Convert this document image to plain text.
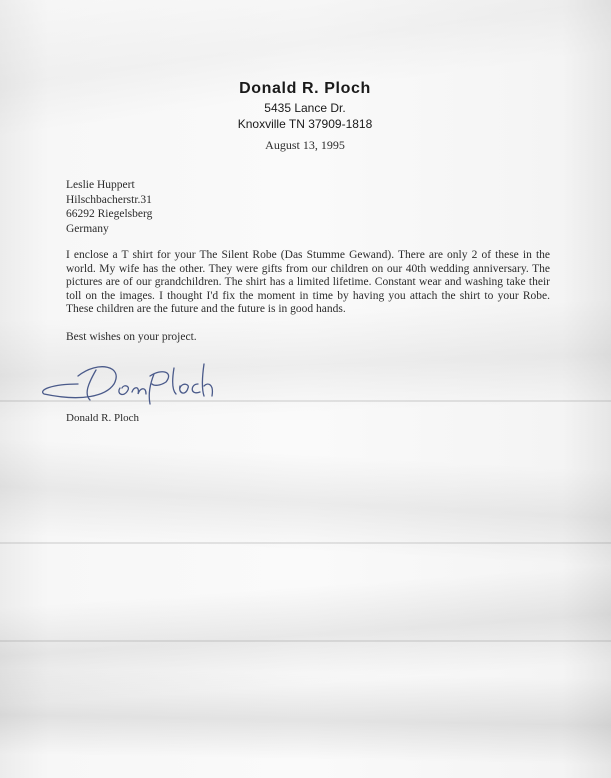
Donald R. Ploch
5435 Lance Dr.
Knoxville TN 37909-1818
August 13, 1995
Leslie Huppert
Hilschbacherstr.31
66292 Riegelsberg
Germany
I enclose a T shirt for your The Silent Robe (Das Stumme Gewand). There are only 2 of these in the world. My wife has the other. They were gifts from our children on our 40th wedding anniversary. The pictures are of our grandchildren. The shirt has a limited lifetime. Constant wear and washing take their toll on the images. I thought I'd fix the moment in time by having you attach the shirt to your Robe. These children are the future and the future is in good hands.
Best wishes on your project.
Donald R. Ploch
